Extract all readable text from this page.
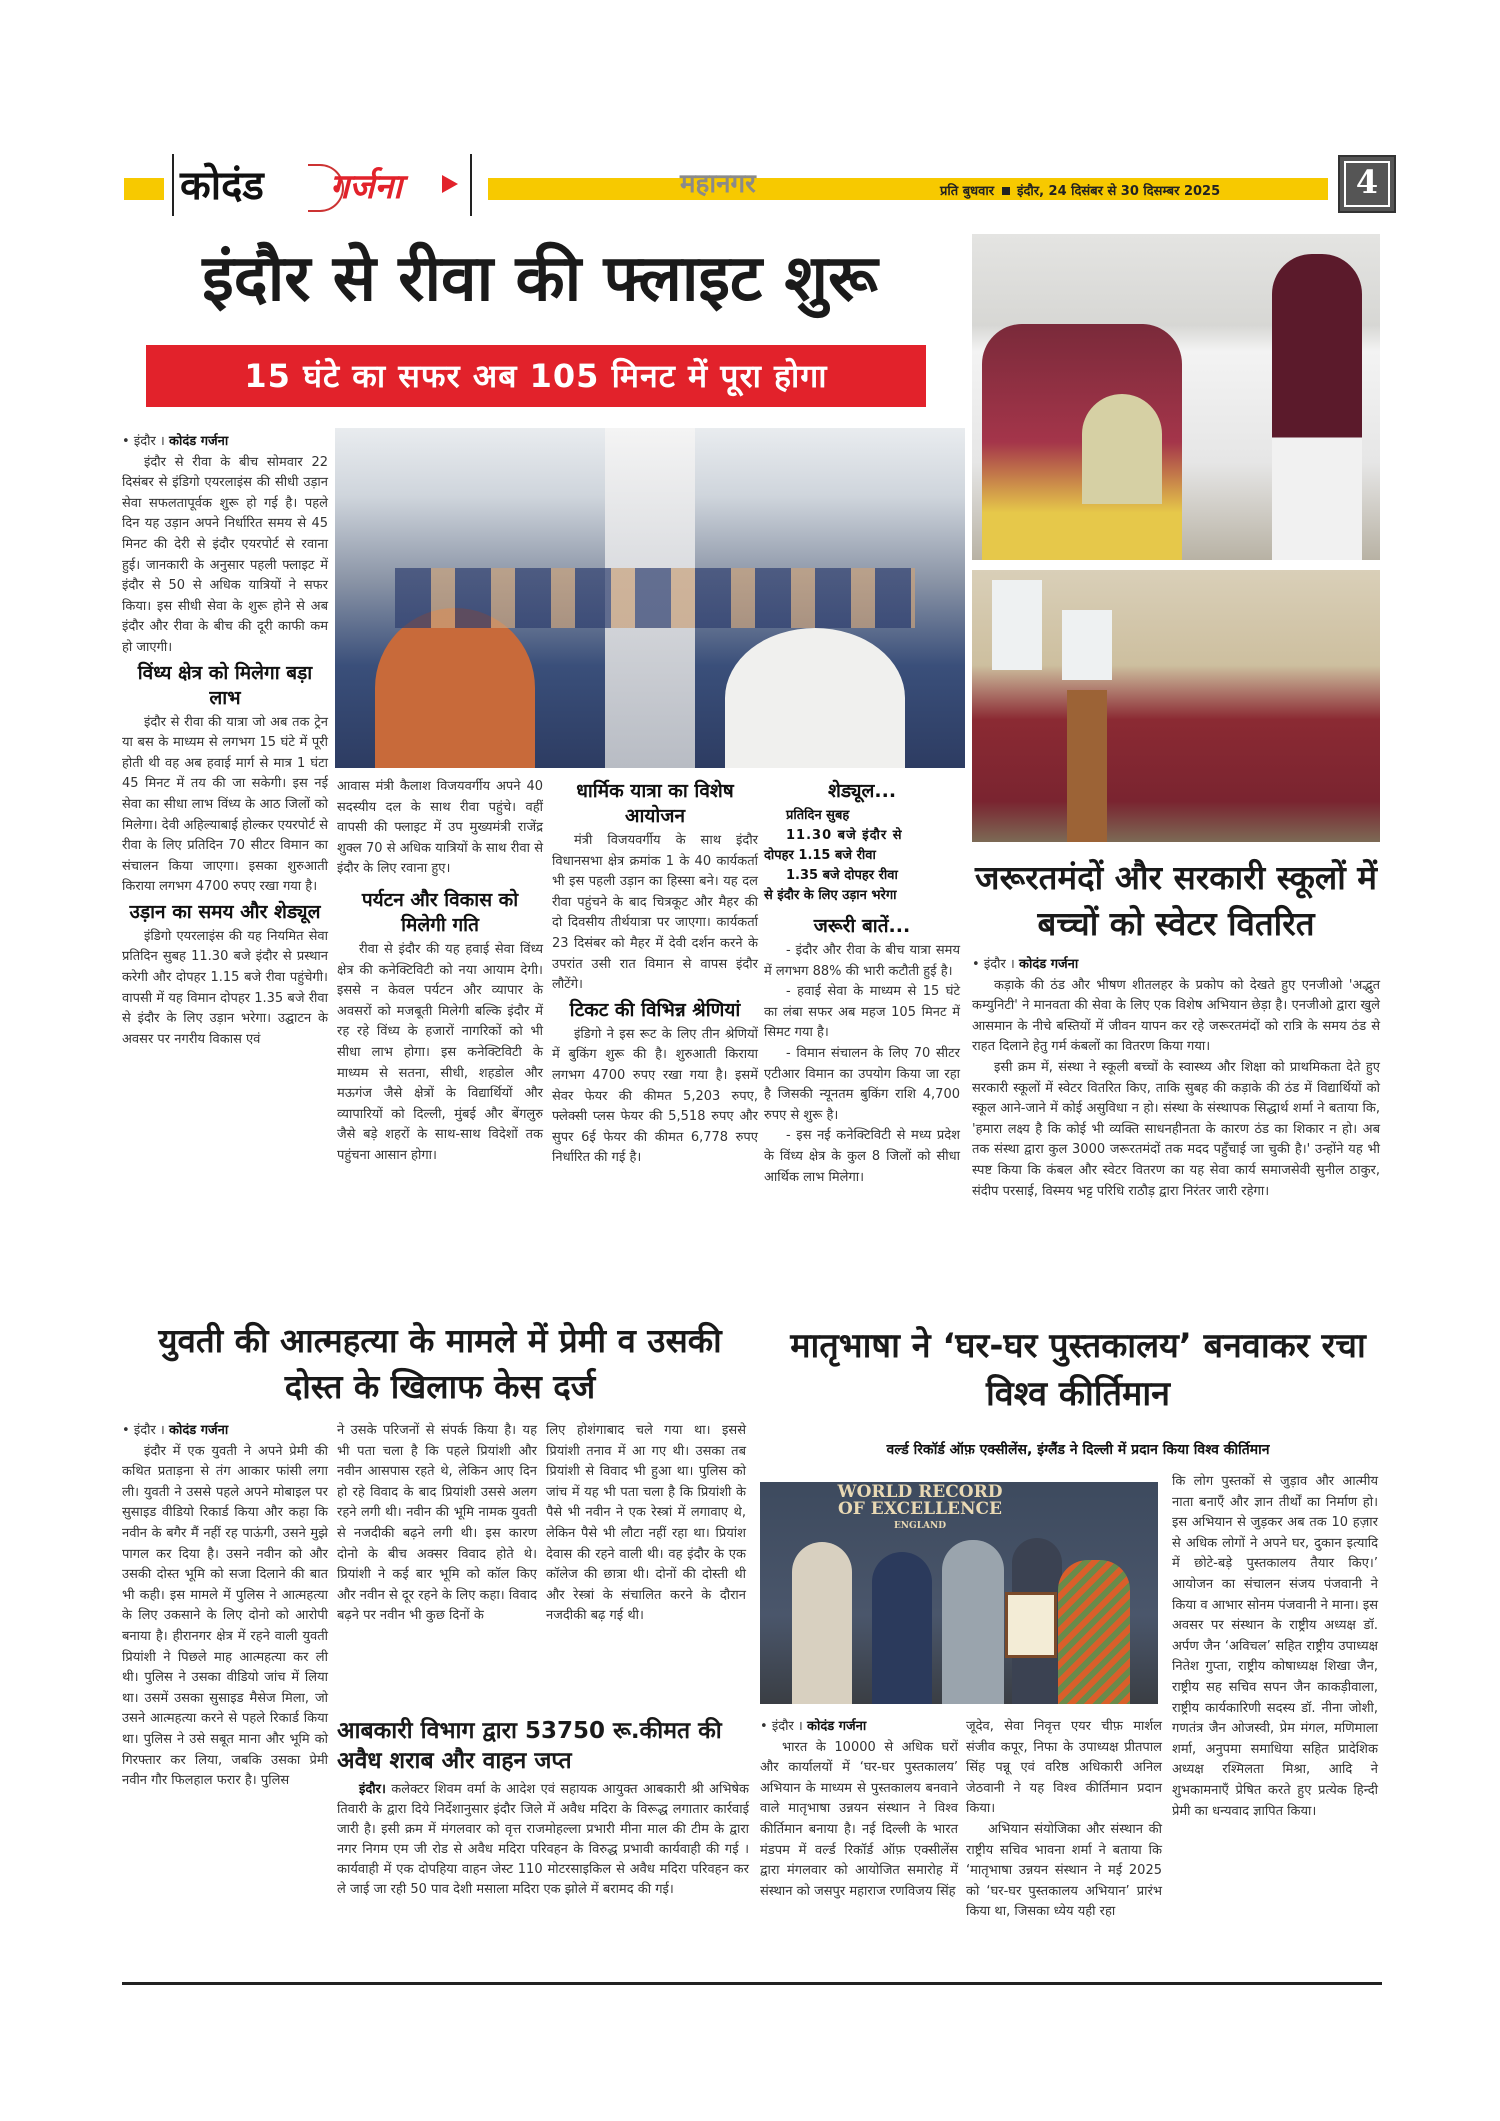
कोदंड गर्जना	महानगर	प्रति बुधवार इंदौर, 24 दिसंबर से 30 दिसम्बर 2025	4
इंदौर से रीवा की फ्लाइट शुरू
15 घंटे का सफर अब 105 मिनट में पूरा होगा
• इंदौर । कोदंड गर्जना

इंदौर से रीवा के बीच सोमवार 22 दिसंबर से इंडिगो एयरलाइंस की सीधी उड़ान सेवा सफलतापूर्वक शुरू हो गई है। पहले दिन यह उड़ान अपने निर्धारित समय से 45 मिनट की देरी से इंदौर एयरपोर्ट से रवाना हुई। जानकारी के अनुसार पहली फ्लाइट में इंदौर से 50 से अधिक यात्रियों ने सफर किया। इस सीधी सेवा के शुरू होने से अब इंदौर और रीवा के बीच की दूरी काफी कम हो जाएगी।

विंध्य क्षेत्र को मिलेगा बड़ा लाभ

इंदौर से रीवा की यात्रा जो अब तक ट्रेन या बस के माध्यम से लगभग 15 घंटे में पूरी होती थी वह अब हवाई मार्ग से मात्र 1 घंटा 45 मिनट में तय की जा सकेगी। इस नई सेवा का सीधा लाभ विंध्य के आठ जिलों को मिलेगा। देवी अहिल्याबाई होल्कर एयरपोर्ट से रीवा के लिए प्रतिदिन 70 सीटर विमान का संचालन किया जाएगा। इसका शुरुआती किराया लगभग 4700 रुपए रखा गया है।

उड़ान का समय और शेड्यूल

इंडिगो एयरलाइंस की यह नियमित सेवा प्रतिदिन सुबह 11.30 बजे इंदौर से प्रस्थान करेगी और दोपहर 1.15 बजे रीवा पहुंचेगी। वापसी में यह विमान दोपहर 1.35 बजे रीवा से इंदौर के लिए उड़ान भरेगा। उद्घाटन के अवसर पर नगरीय विकास एवं

आवास मंत्री कैलाश विजयवर्गीय अपने 40 सदस्यीय दल के साथ रीवा पहुंचे। वहीं वापसी की फ्लाइट में उप मुख्यमंत्री राजेंद्र शुक्ल 70 से अधिक यात्रियों के साथ रीवा से इंदौर के लिए रवाना हुए।

पर्यटन और विकास को मिलेगी गति

रीवा से इंदौर की यह हवाई सेवा विंध्य क्षेत्र की कनेक्टिविटी को नया आयाम देगी। इससे न केवल पर्यटन और व्यापार के अवसरों को मजबूती मिलेगी बल्कि इंदौर में रह रहे विंध्य के हजारों नागरिकों को भी सीधा लाभ होगा। इस कनेक्टिविटी के माध्यम से सतना, सीधी, शहडोल और मऊगंज जैसे क्षेत्रों के विद्यार्थियों और व्यापारियों को दिल्ली, मुंबई और बेंगलुरु जैसे बड़े शहरों के साथ-साथ विदेशों तक पहुंचना आसान होगा।

धार्मिक यात्रा का विशेष आयोजन

मंत्री विजयवर्गीय के साथ इंदौर विधानसभा क्षेत्र क्रमांक 1 के 40 कार्यकर्ता भी इस पहली उड़ान का हिस्सा बने। यह दल रीवा पहुंचने के बाद चित्रकूट और मैहर की दो दिवसीय तीर्थयात्रा पर जाएगा। कार्यकर्ता 23 दिसंबर को मैहर में देवी दर्शन करने के उपरांत उसी रात विमान से वापस इंदौर लौटेंगे।

टिकट की विभिन्न श्रेणियां

इंडिगो ने इस रूट के लिए तीन श्रेणियों में बुकिंग शुरू की है। शुरुआती किराया लगभग 4700 रुपए रखा गया है। इसमें सेवर फेयर की कीमत 5,203 रुपए, फ्लेक्सी प्लस फेयर की 5,518 रुपए और सुपर 6ई फेयर की कीमत 6,778 रुपए निर्धारित की गई है।

शेड्यूल...
प्रतिदिन सुबह
11.30 बजे इंदौर से
दोपहर 1.15 बजे रीवा
1.35 बजे दोपहर रीवा
से इंदौर के लिए उड़ान भरेगा
जरूरी बातें...

- इंदौर और रीवा के बीच यात्रा समय में लगभग 88% की भारी कटौती हुई है।

- हवाई सेवा के माध्यम से 15 घंटे का लंबा सफर अब महज 105 मिनट में सिमट गया है।

- विमान संचालन के लिए 70 सीटर एटीआर विमान का उपयोग किया जा रहा है जिसकी न्यूनतम बुकिंग राशि 4,700 रुपए से शुरू है।

- इस नई कनेक्टिविटी से मध्य प्रदेश के विंध्य क्षेत्र के कुल 8 जिलों को सीधा आर्थिक लाभ मिलेगा।

जरूरतमंदों और सरकारी स्कूलों में बच्चों को स्वेटर वितरित
• इंदौर । कोदंड गर्जना

कड़ाके की ठंड और भीषण शीतलहर के प्रकोप को देखते हुए एनजीओ 'अद्भुत कम्युनिटी' ने मानवता की सेवा के लिए एक विशेष अभियान छेड़ा है। एनजीओ द्वारा खुले आसमान के नीचे बस्तियों में जीवन यापन कर रहे जरूरतमंदों को रात्रि के समय ठंड से राहत दिलाने हेतु गर्म कंबलों का वितरण किया गया।

इसी क्रम में, संस्था ने स्कूली बच्चों के स्वास्थ्य और शिक्षा को प्राथमिकता देते हुए सरकारी स्कूलों में स्वेटर वितरित किए, ताकि सुबह की कड़ाके की ठंड में विद्यार्थियों को स्कूल आने-जाने में कोई असुविधा न हो। संस्था के संस्थापक सिद्धार्थ शर्मा ने बताया कि, 'हमारा लक्ष्य है कि कोई भी व्यक्ति साधनहीनता के कारण ठंड का शिकार न हो। अब तक संस्था द्वारा कुल 3000 जरूरतमंदों तक मदद पहुँचाई जा चुकी है।' उन्होंने यह भी स्पष्ट किया कि कंबल और स्वेटर वितरण का यह सेवा कार्य समाजसेवी सुनील ठाकुर, संदीप परसाई, विस्मय भट्ट परिधि राठौड़ द्वारा निरंतर जारी रहेगा।

युवती की आत्महत्या के मामले में प्रेमी व उसकी दोस्त के खिलाफ केस दर्ज
• इंदौर । कोदंड गर्जना

इंदौर में एक युवती ने अपने प्रेमी की कथित प्रताड़ना से तंग आकार फांसी लगा ली। युवती ने उससे पहले अपने मोबाइल पर सुसाइड वीडियो रिकार्ड किया और कहा कि नवीन के बगैर मैं नहीं रह पाऊंगी, उसने मुझे पागल कर दिया है। उसने नवीन को और उसकी दोस्त भूमि को सजा दिलाने की बात भी कही। इस मामले में पुलिस ने आत्महत्या के लिए उकसाने के लिए दोनो को आरोपी बनाया है। हीरानगर क्षेत्र में रहने वाली युवती प्रियांशी ने पिछले माह आत्महत्या कर ली थी। पुलिस ने उसका वीडियो जांच में लिया था। उसमें उसका सुसाइड मैसेज मिला, जो उसने आत्महत्या करने से पहले रिकार्ड किया था। पुलिस ने उसे सबूत माना और भूमि को गिरफ्तार कर लिया, जबकि उसका प्रेमी नवीन गौर फिलहाल फरार है। पुलिस

ने उसके परिजनों से संपर्क किया है। यह भी पता चला है कि पहले प्रियांशी और नवीन आसपास रहते थे, लेकिन आए दिन हो रहे विवाद के बाद प्रियांशी उससे अलग रहने लगी थी। नवीन की भूमि नामक युवती से नजदीकी बढ़ने लगी थी। इस कारण दोनो के बीच अक्सर विवाद होते थे। प्रियांशी ने कई बार भूमि को कॉल किए और नवीन से दूर रहने के लिए कहा। विवाद बढ़ने पर नवीन भी कुछ दिनों के

लिए होशंगाबाद चले गया था। इससे प्रियांशी तनाव में आ गए थी। उसका तब प्रियांशी से विवाद भी हुआ था। पुलिस को जांच में यह भी पता चला है कि प्रियांशी के पैसे भी नवीन ने एक रेस्त्रां में लगावाए थे, लेकिन पैसे भी लौटा नहीं रहा था। प्रियांश देवास की रहने वाली थी। वह इंदौर के एक कॉलेज की छात्रा थी। दोनों की दोस्ती थी और रेस्त्रां के संचालित करने के दौरान नजदीकी बढ़ गई थी।

आबकारी विभाग द्वारा 53750 रू.कीमत की अवैध शराब और वाहन जप्त

इंदौर। कलेक्टर शिवम वर्मा के आदेश एवं सहायक आयुक्त आबकारी श्री अभिषेक तिवारी के द्वारा दिये निर्देशानुसार इंदौर जिले में अवैध मदिरा के विरूद्ध लगातार कार्रवाई जारी है। इसी क्रम में मंगलवार को वृत्त राजमोहल्ला प्रभारी मीना माल की टीम के द्वारा नगर निगम एम जी रोड से अवैध मदिरा परिवहन के विरुद्ध प्रभावी कार्यवाही की गई । कार्यवाही में एक दोपहिया वाहन जेस्ट 110 मोटरसाइकिल से अवैध मदिरा परिवहन कर ले जाई जा रही 50 पाव देशी मसाला मदिरा एक झोले में बरामद की गई।

मातृभाषा ने ‘घर-घर पुस्तकालय’ बनवाकर रचा विश्व कीर्तिमान
वर्ल्ड रिकॉर्ड ऑफ़ एक्सीलेंस, इंग्लैंड ने दिल्ली में प्रदान किया विश्व कीर्तिमान
WORLD RECORD
OF EXCELLENCE
ENGLAND
• इंदौर । कोदंड गर्जना

भारत के 10000 से अधिक घरों और कार्यालयों में ‘घर-घर पुस्तकालय’ अभियान के माध्यम से पुस्तकालय बनवाने वाले मातृभाषा उन्नयन संस्थान ने विश्व कीर्तिमान बनाया है। नई दिल्ली के भारत मंडपम में वर्ल्ड रिकॉर्ड ऑफ़ एक्सीलेंस द्वारा मंगलवार को आयोजित समारोह में संस्थान को जसपुर महाराज रणविजय सिंह

जूदेव, सेवा निवृत्त एयर चीफ़ मार्शल संजीव कपूर, निफा के उपाध्यक्ष प्रीतपाल सिंह पन्नू एवं वरिष्ठ अधिकारी अनिल जेठवानी ने यह विश्व कीर्तिमान प्रदान किया।

अभियान संयोजिका और संस्थान की राष्ट्रीय सचिव भावना शर्मा ने बताया कि ‘मातृभाषा उन्नयन संस्थान ने मई 2025 को ‘घर-घर पुस्तकालय अभियान’ प्रारंभ किया था, जिसका ध्येय यही रहा

कि लोग पुस्तकों से जुड़ाव और आत्मीय नाता बनाएँ और ज्ञान तीर्थों का निर्माण हो। इस अभियान से जुड़कर अब तक 10 हज़ार से अधिक लोगों ने अपने घर, दुकान इत्यादि में छोटे-बड़े पुस्तकालय तैयार किए।’ आयोजन का संचालन संजय पंजवानी ने किया व आभार सोनम पंजवानी ने माना। इस अवसर पर संस्थान के राष्ट्रीय अध्यक्ष डॉ. अर्पण जैन ‘अविचल’ सहित राष्ट्रीय उपाध्यक्ष नितेश गुप्ता, राष्ट्रीय कोषाध्यक्ष शिखा जैन, राष्ट्रीय सह सचिव सपन जैन काकड़ीवाला, राष्ट्रीय कार्यकारिणी सदस्य डॉ. नीना जोशी, गणतंत्र जैन ओजस्वी, प्रेम मंगल, मणिमाला शर्मा, अनुपमा समाधिया सहित प्रादेशिक अध्यक्ष रश्मिलता मिश्रा, आदि ने शुभकामनाएँ प्रेषित करते हुए प्रत्येक हिन्दी प्रेमी का धन्यवाद ज्ञापित किया।
